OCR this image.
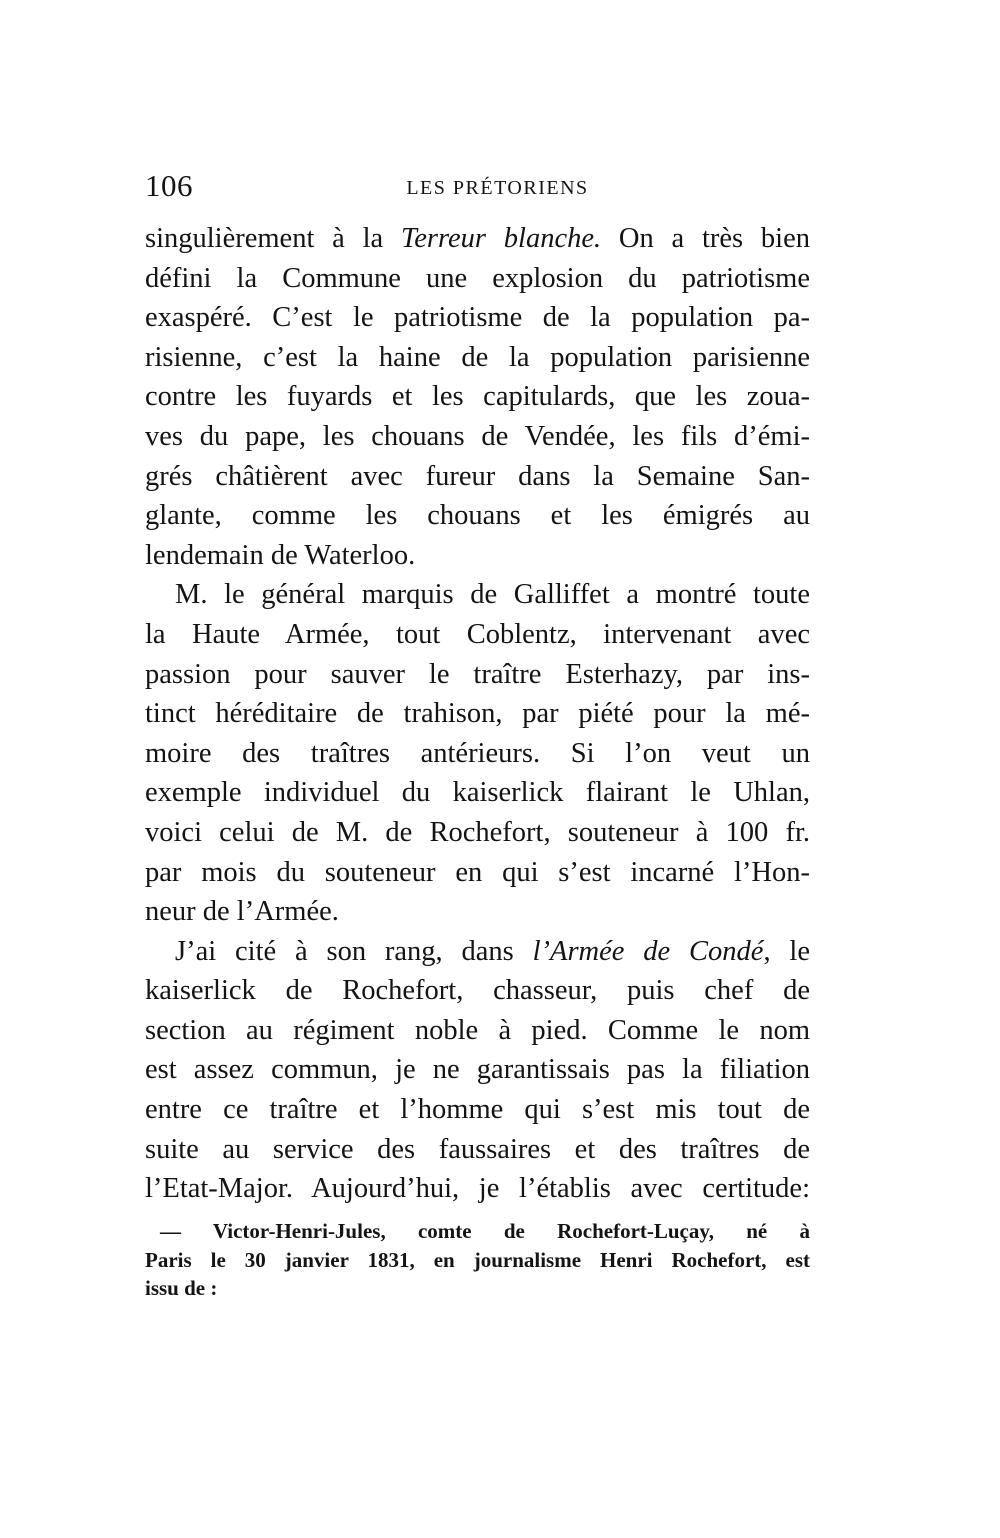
106	LES PRÉTORIENS
singulièrement à la Terreur blanche. On a très bien
défini la Commune une explosion du patriotisme
exaspéré. C’est le patriotisme de la population pa-
risienne, c’est la haine de la population parisienne
contre les fuyards et les capitulards, que les zoua-
ves du pape, les chouans de Vendée, les fils d’émi-
grés châtièrent avec fureur dans la Semaine San-
glante, comme les chouans et les émigrés au
lendemain de Waterloo.
M. le général marquis de Galliffet a montré toute
la Haute Armée, tout Coblentz, intervenant avec
passion pour sauver le traître Esterhazy, par ins-
tinct héréditaire de trahison, par piété pour la mé-
moire des traîtres antérieurs. Si l’on veut un
exemple individuel du kaiserlick flairant le Uhlan,
voici celui de M. de Rochefort, souteneur à 100 fr.
par mois du souteneur en qui s’est incarné l’Hon-
neur de l’Armée.
J’ai cité à son rang, dans l’Armée de Condé, le
kaiserlick de Rochefort, chasseur, puis chef de
section au régiment noble à pied. Comme le nom
est assez commun, je ne garantissais pas la filiation
entre ce traître et l’homme qui s’est mis tout de
suite au service des faussaires et des traîtres de
l’Etat-Major. Aujourd’hui, je l’établis avec certitude:
— Victor-Henri-Jules, comte de Rochefort-Luçay, né à
Paris le 30 janvier 1831, en journalisme Henri Rochefort, est
issu de :
